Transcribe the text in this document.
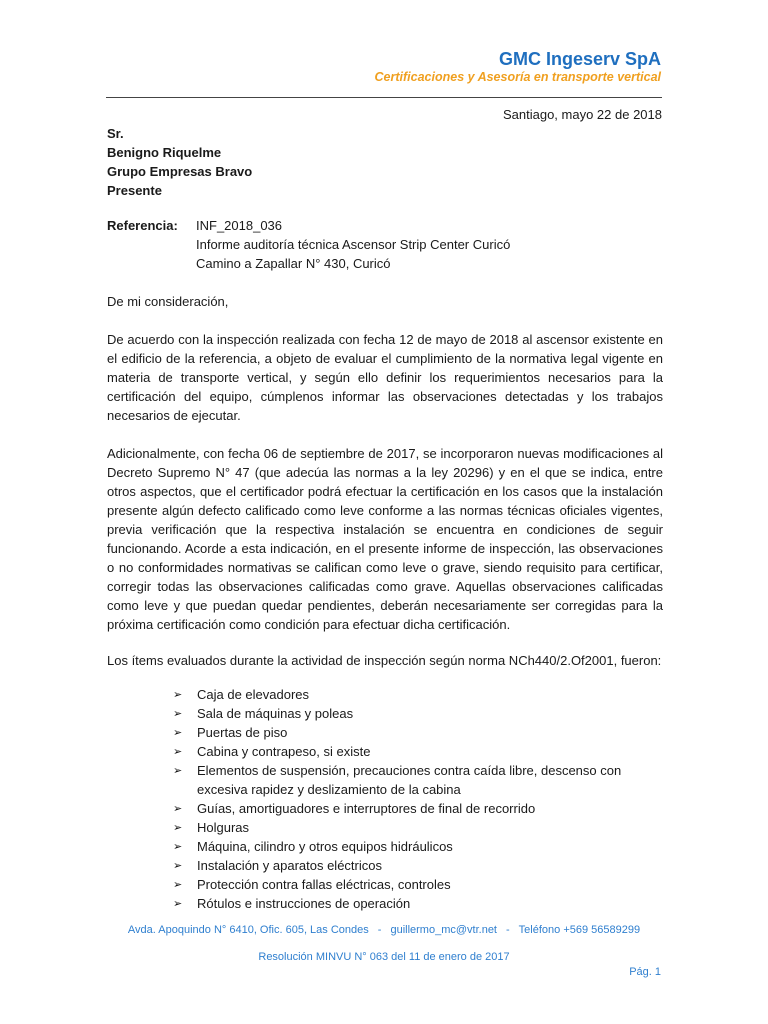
GMC Ingeserv SpA
Certificaciones y Asesoría en transporte vertical
Santiago, mayo 22 de 2018
Sr.
Benigno Riquelme
Grupo Empresas Bravo
Presente
Referencia: INF_2018_036
Informe auditoría técnica Ascensor Strip Center Curicó
Camino a Zapallar N° 430, Curicó
De mi consideración,
De acuerdo con la inspección realizada con fecha 12 de mayo de 2018 al ascensor existente en el edificio de la referencia, a objeto de evaluar el cumplimiento de la normativa legal vigente en materia de transporte vertical, y según ello definir los requerimientos necesarios para la certificación del equipo, cúmplenos informar las observaciones detectadas y los trabajos necesarios de ejecutar.
Adicionalmente, con fecha 06 de septiembre de 2017, se incorporaron nuevas modificaciones al Decreto Supremo N° 47 (que adecúa las normas a la ley 20296) y en el que se indica, entre otros aspectos, que el certificador podrá efectuar la certificación en los casos que la instalación presente algún defecto calificado como leve conforme a las normas técnicas oficiales vigentes, previa verificación que la respectiva instalación se encuentra en condiciones de seguir funcionando. Acorde a esta indicación, en el presente informe de inspección, las observaciones o no conformidades normativas se califican como leve o grave, siendo requisito para certificar, corregir todas las observaciones calificadas como grave. Aquellas observaciones calificadas como leve y que puedan quedar pendientes, deberán necesariamente ser corregidas para la próxima certificación como condición para efectuar dicha certificación.
Los ítems evaluados durante la actividad de inspección según norma NCh440/2.Of2001, fueron:
➢ Caja de elevadores
➢ Sala de máquinas y poleas
➢ Puertas de piso
➢ Cabina y contrapeso, si existe
➢ Elementos de suspensión, precauciones contra caída libre, descenso con excesiva rapidez y deslizamiento de la cabina
➢ Guías, amortiguadores e interruptores de final de recorrido
➢ Holguras
➢ Máquina, cilindro y otros equipos hidráulicos
➢ Instalación y aparatos eléctricos
➢ Protección contra fallas eléctricas, controles
➢ Rótulos e instrucciones de operación
Avda. Apoquindo N° 6410, Ofic. 605, Las Condes - guillermo_mc@vtr.net - Teléfono +569 56589299
Resolución MINVU N° 063 del 11 de enero de 2017
Pág. 1
